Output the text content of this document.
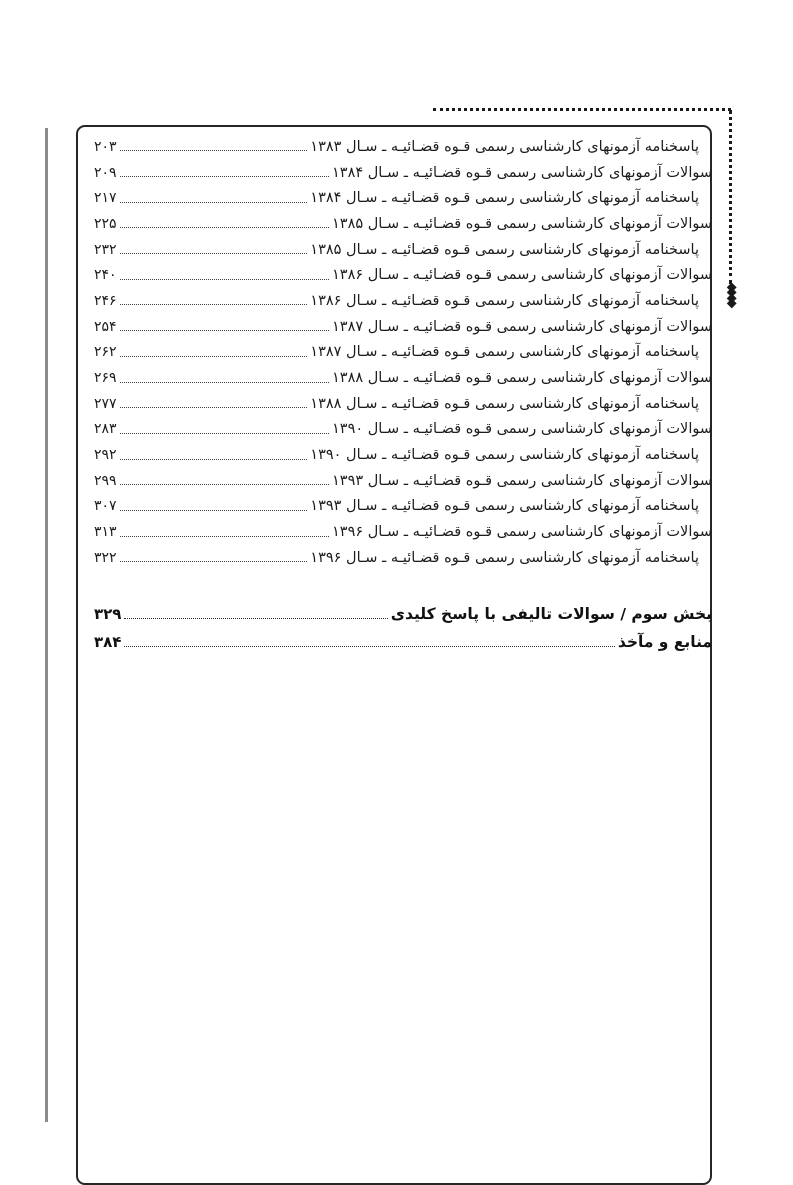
پاسخنامه آزمونهای کارشناسی رسمی قـوه قضـائیـه ـ سـال ۱۳۸۳
۲۰۳
سوالات آزمونهای کارشناسی رسمی قـوه قضـائیـه ـ سـال ۱۳۸۴
۲۰۹
پاسخنامه آزمونهای کارشناسی رسمی قـوه قضـائیـه ـ سـال ۱۳۸۴
۲۱۷
سوالات آزمونهای کارشناسی رسمی قـوه قضـائیـه ـ سـال ۱۳۸۵
۲۲۵
پاسخنامه آزمونهای کارشناسی رسمی قـوه قضـائیـه ـ سـال ۱۳۸۵
۲۳۲
سوالات آزمونهای کارشناسی رسمی قـوه قضـائیـه ـ سـال ۱۳۸۶
۲۴۰
پاسخنامه آزمونهای کارشناسی رسمی قـوه قضـائیـه ـ سـال ۱۳۸۶
۲۴۶
سوالات آزمونهای کارشناسی رسمی قـوه قضـائیـه ـ سـال ۱۳۸۷
۲۵۴
پاسخنامه آزمونهای کارشناسی رسمی قـوه قضـائیـه ـ سـال ۱۳۸۷
۲۶۲
سوالات آزمونهای کارشناسی رسمی قـوه قضـائیـه ـ سـال ۱۳۸۸
۲۶۹
پاسخنامه آزمونهای کارشناسی رسمی قـوه قضـائیـه ـ سـال ۱۳۸۸
۲۷۷
سوالات آزمونهای کارشناسی رسمی قـوه قضـائیـه ـ سـال ۱۳۹۰
۲۸۳
پاسخنامه آزمونهای کارشناسی رسمی قـوه قضـائیـه ـ سـال ۱۳۹۰
۲۹۲
سوالات آزمونهای کارشناسی رسمی قـوه قضـائیـه ـ سـال ۱۳۹۳
۲۹۹
پاسخنامه آزمونهای کارشناسی رسمی قـوه قضـائیـه ـ سـال ۱۳۹۳
۳۰۷
سوالات آزمونهای کارشناسی رسمی قـوه قضـائیـه ـ سـال ۱۳۹۶
۳۱۳
پاسخنامه آزمونهای کارشناسی رسمی قـوه قضـائیـه ـ سـال ۱۳۹۶
۳۲۲
بخش سوم / سوالات تالیفی با پاسخ کلیدی
۳۲۹
منابع و مآخذ
۳۸۴
